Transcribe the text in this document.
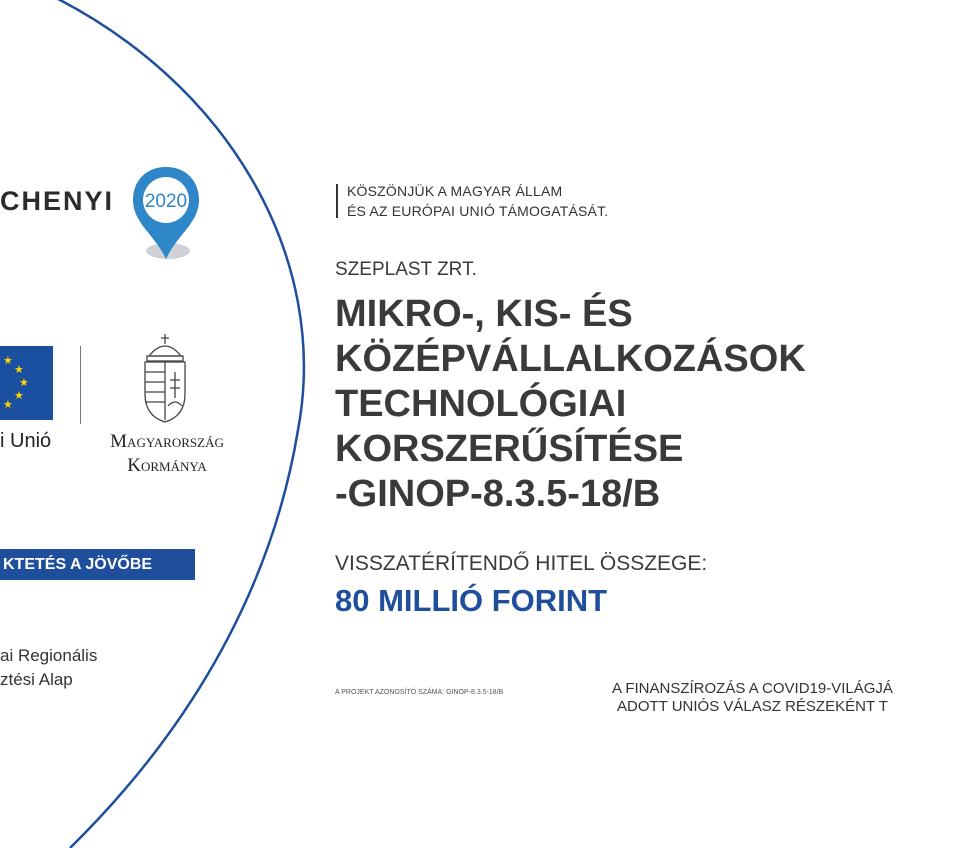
CHENYI 2020	KÖSZÖNJÜK A MAGYAR ÁLLAM
ÉS AZ EURÓPAI UNIÓ TÁMOGATÁSÁT.
SZEPLAST ZRT.
MIKRO-, KIS- ÉS
KÖZÉPVÁLLALKOZÁSOK
TECHNOLÓGIAI
KORSZERŰSÍTÉSE
-GINOP-8.3.5-18/B
VISSZATÉRÍTENDŐ HITEL ÖSSZEGE:
80 MILLIÓ FORINT
A PROJEKT AZONOSÍTÓ SZÁMA: GINOP-8.3.5-18/B	A FINANSZÍROZÁS A COVID19-VILÁGJÁ
ADOTT UNIÓS VÁLASZ RÉSZEKÉNT T
★
★
★
★
★
i Unió	Magyarország
Kormánya
KTETÉS A JÖVŐBE
ai Regionális
ztési Alap
